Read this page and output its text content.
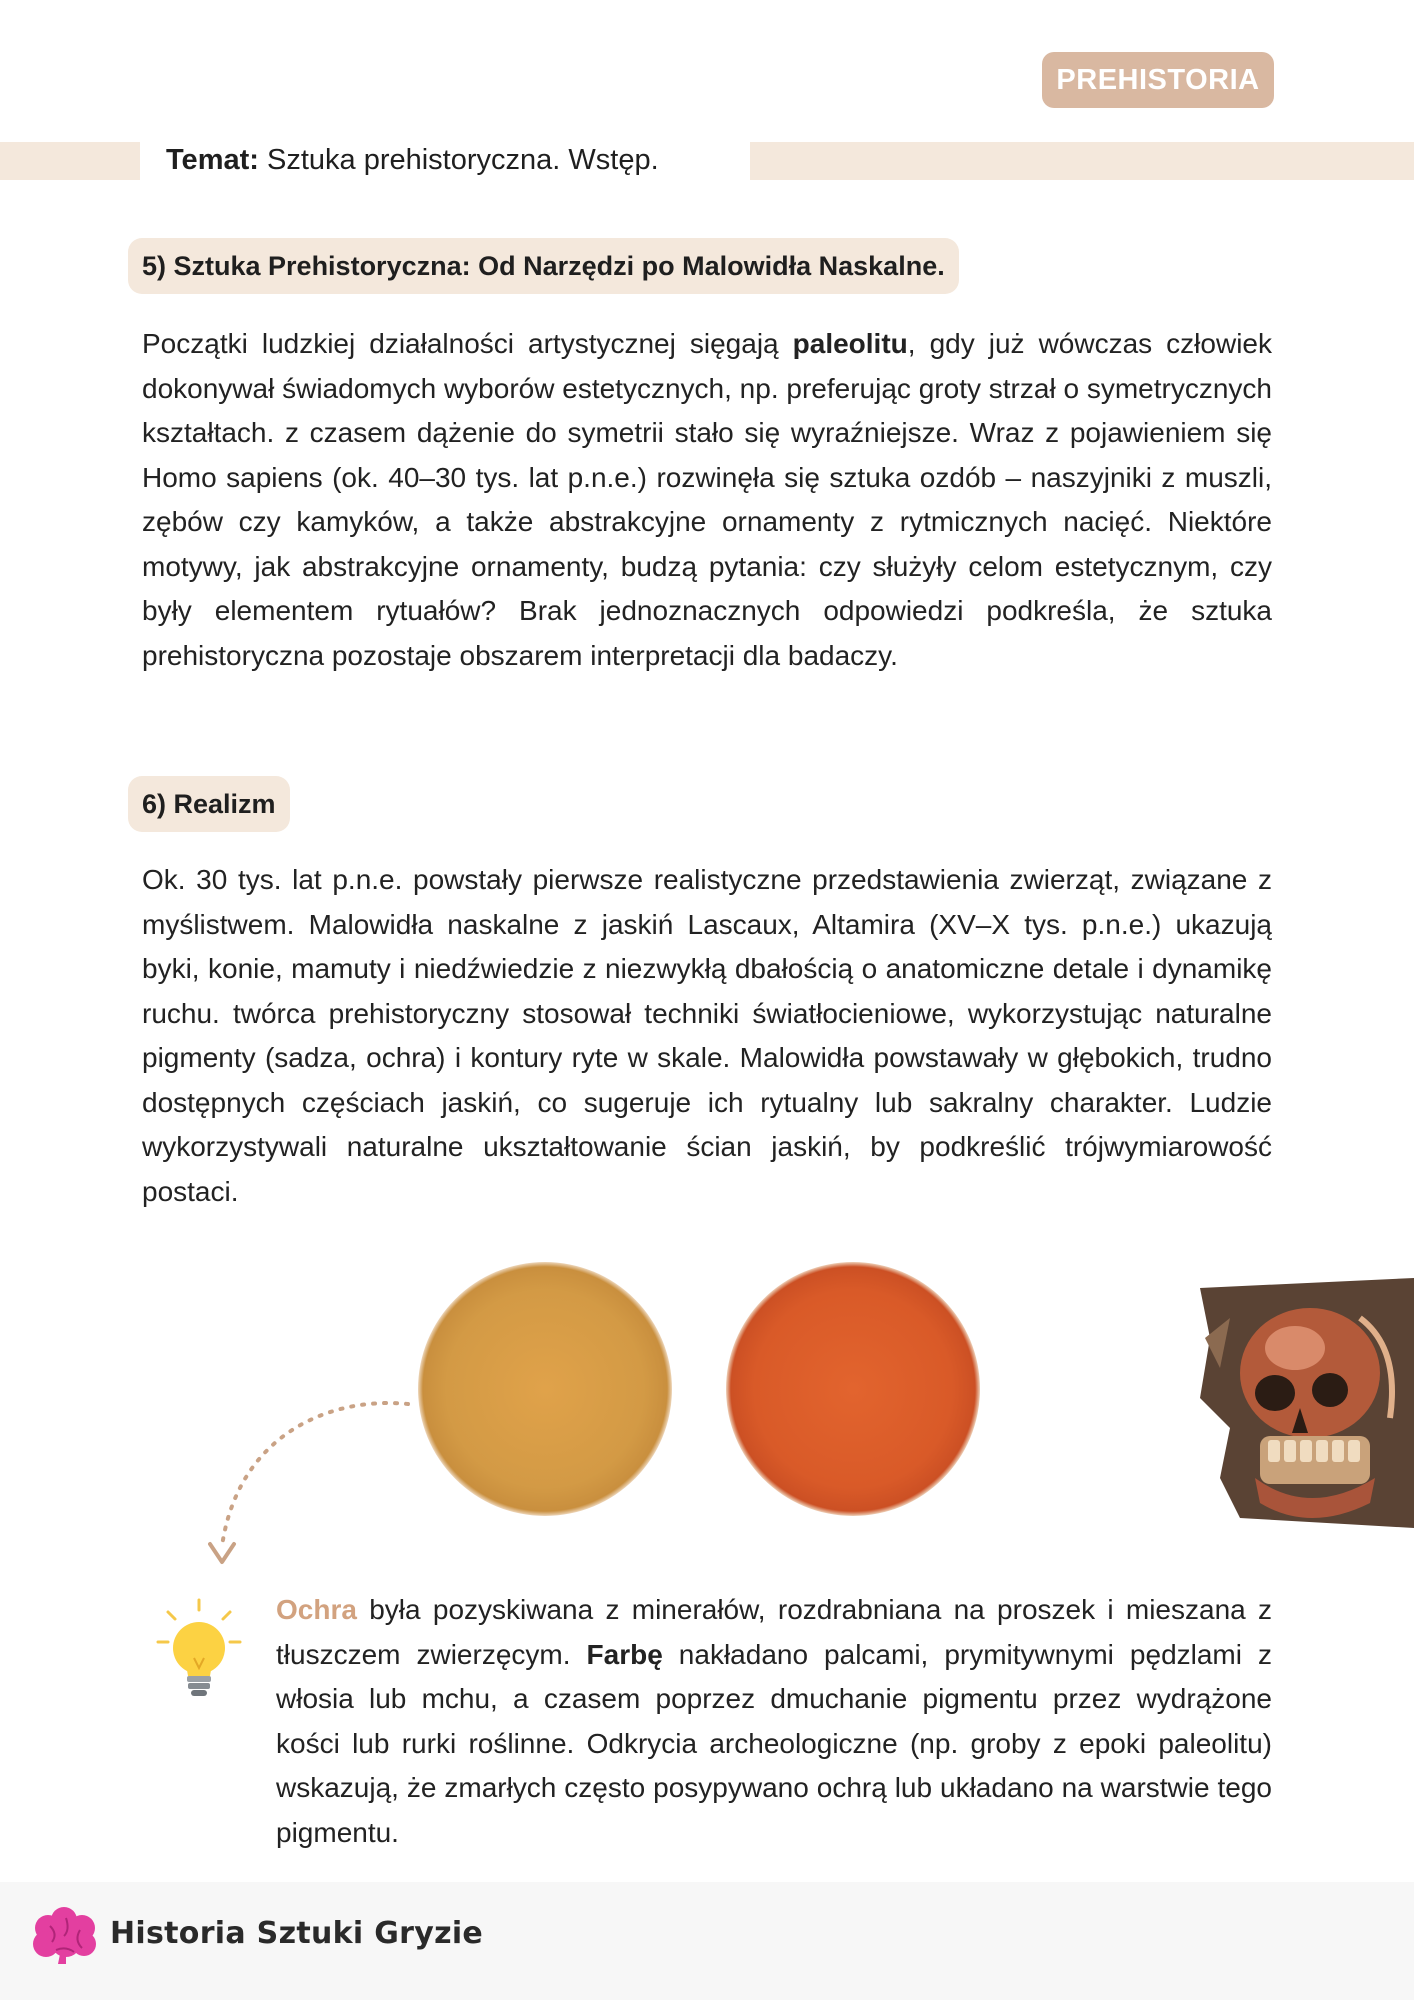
PREHISTORIA
Temat: Sztuka prehistoryczna. Wstęp.
5) Sztuka Prehistoryczna: Od Narzędzi po Malowidła Naskalne.
Początki ludzkiej działalności artystycznej sięgają paleolitu, gdy już wówczas człowiek dokonywał świadomych wyborów estetycznych, np. preferując groty strzał o symetrycznych kształtach. z czasem dążenie do symetrii stało się wyraźniejsze. Wraz z pojawieniem się Homo sapiens (ok. 40–30 tys. lat p.n.e.) rozwinęła się sztuka ozdób – naszyjniki z muszli, zębów czy kamyków, a także abstrakcyjne ornamenty z rytmicznych nacięć. Niektóre motywy, jak abstrakcyjne ornamenty, budzą pytania: czy służyły celom estetycznym, czy były elementem rytuałów? Brak jednoznacznych odpowiedzi podkreśla, że sztuka prehistoryczna pozostaje obszarem interpretacji dla badaczy.
6) Realizm
Ok. 30 tys. lat p.n.e. powstały pierwsze realistyczne przedstawienia zwierząt, związane z myślistwem. Malowidła naskalne z jaskiń Lascaux, Altamira (XV–X tys. p.n.e.) ukazują byki, konie, mamuty i niedźwiedzie z niezwykłą dbałością o anatomiczne detale i dynamikę ruchu. twórca prehistoryczny stosował techniki światłocieniowe, wykorzystując naturalne pigmenty (sadza, ochra) i kontury ryte w skale. Malowidła powstawały w głębokich, trudno dostępnych częściach jaskiń, co sugeruje ich rytualny lub sakralny charakter. Ludzie wykorzystywali naturalne ukształtowanie ścian jaskiń, by podkreślić trójwymiarowość postaci.
Ochra była pozyskiwana z minerałów, rozdrabniana na proszek i mieszana z tłuszczem zwierzęcym. Farbę nakładano palcami, prymitywnymi pędzlami z włosia lub mchu, a czasem poprzez dmuchanie pigmentu przez wydrążone kości lub rurki roślinne. Odkrycia archeologiczne (np. groby z epoki paleolitu) wskazują, że zmarłych często posypywano ochrą lub układano na warstwie tego pigmentu.
Historia Sztuki Gryzie
